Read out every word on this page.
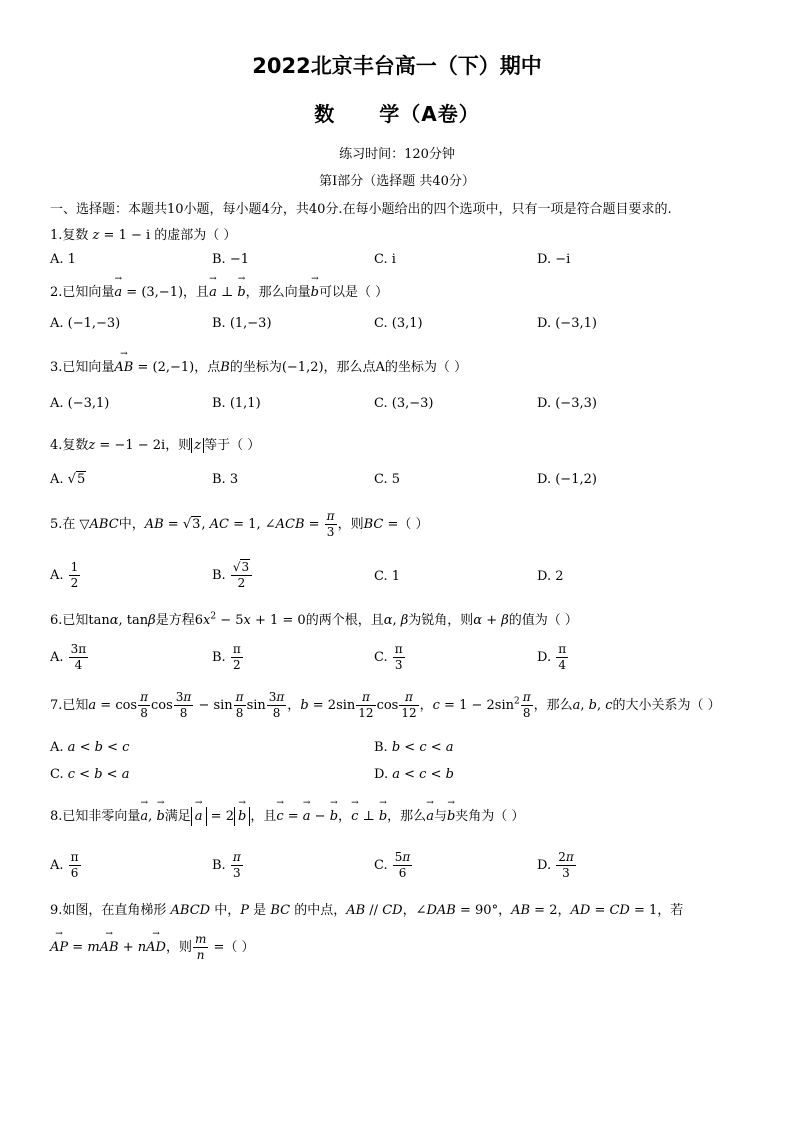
2022北京丰台高一（下）期中
数 学（A卷）
练习时间：120分钟
第Ⅰ部分（选择题 共40分）
一、选择题：本题共10小题，每小题4分，共40分.在每小题给出的四个选项中，只有一项是符合题目要求的.
1.复数 z = 1 − i 的虚部为（ ）
A. 1	B. −1	C. i	D. −i
2.已知向量→ a = (3,−1)，且→ a ⊥ → b，那么向量→ b可以是（ ）
A. (−1,−3)	B. (1,−3)	C. (3,1)	D. (−3,1)
3.已知向量→ AB = (2,−1)，点B的坐标为(−1,2)，那么点A的坐标为（ ）
A. (−3,1)	B. (1,1)	C. (3,−3)	D. (−3,3)
4.复数z = −1 − 2i，则 z 等于（ ）
A. √5	B. 3	C. 5	D. (−1,2)
5.在 ▽ABC中，AB = √3, AC = 1, ∠ACB = $\frac{\pi}{3}$ ，则BC =（ ）
A. $\frac{1}{2}$	B. $\frac{√3}{2}$	C. 1	D. 2
6.已知tanα, tanβ是方程$6x^2 - 5x + 1 = 0$的两个根，且α, β为锐角，则α + β的值为（ ）
A. $\frac{3\pi}{4}$	B. $\frac{\pi}{2}$	C. $\frac{\pi}{3}$	D. $\frac{\pi}{4}$
7.已知$a = \cos \frac{\pi}{8}$ $\cos \frac{3\pi}{8} - \sin \frac{\pi}{8}$ $\sin \frac{3\pi}{8}$ ，$b = 2\sin \frac{\pi}{12}$ $\cos \frac{\pi}{12}$ ，$c = 1 - 2\sin^2 \frac{\pi}{8}$ ，那么a, b, c的大小关系为（ ）
A. a < b < c	B. b < c < a
C. c < b < a	D. a < c < b
8.已知非零向量→ a, → b满足 → a = 2 → b ，且→ c = → a − → b，→ c ⊥ → b，那么→ a与→ b夹角为（ ）
A. $\frac{\pi}{6}$	B. $\frac{\pi}{3}$	C. $\frac{5\pi}{6}$	D. $\frac{2\pi}{3}$
9.如图，在直角梯形 ABCD 中，P 是 BC 的中点，AB // CD，∠DAB = 90°，AB = 2，AD = CD = 1，若
→ AP = m→ AB + n→ AD，则 $\frac{m}{n}$ =（ ）
